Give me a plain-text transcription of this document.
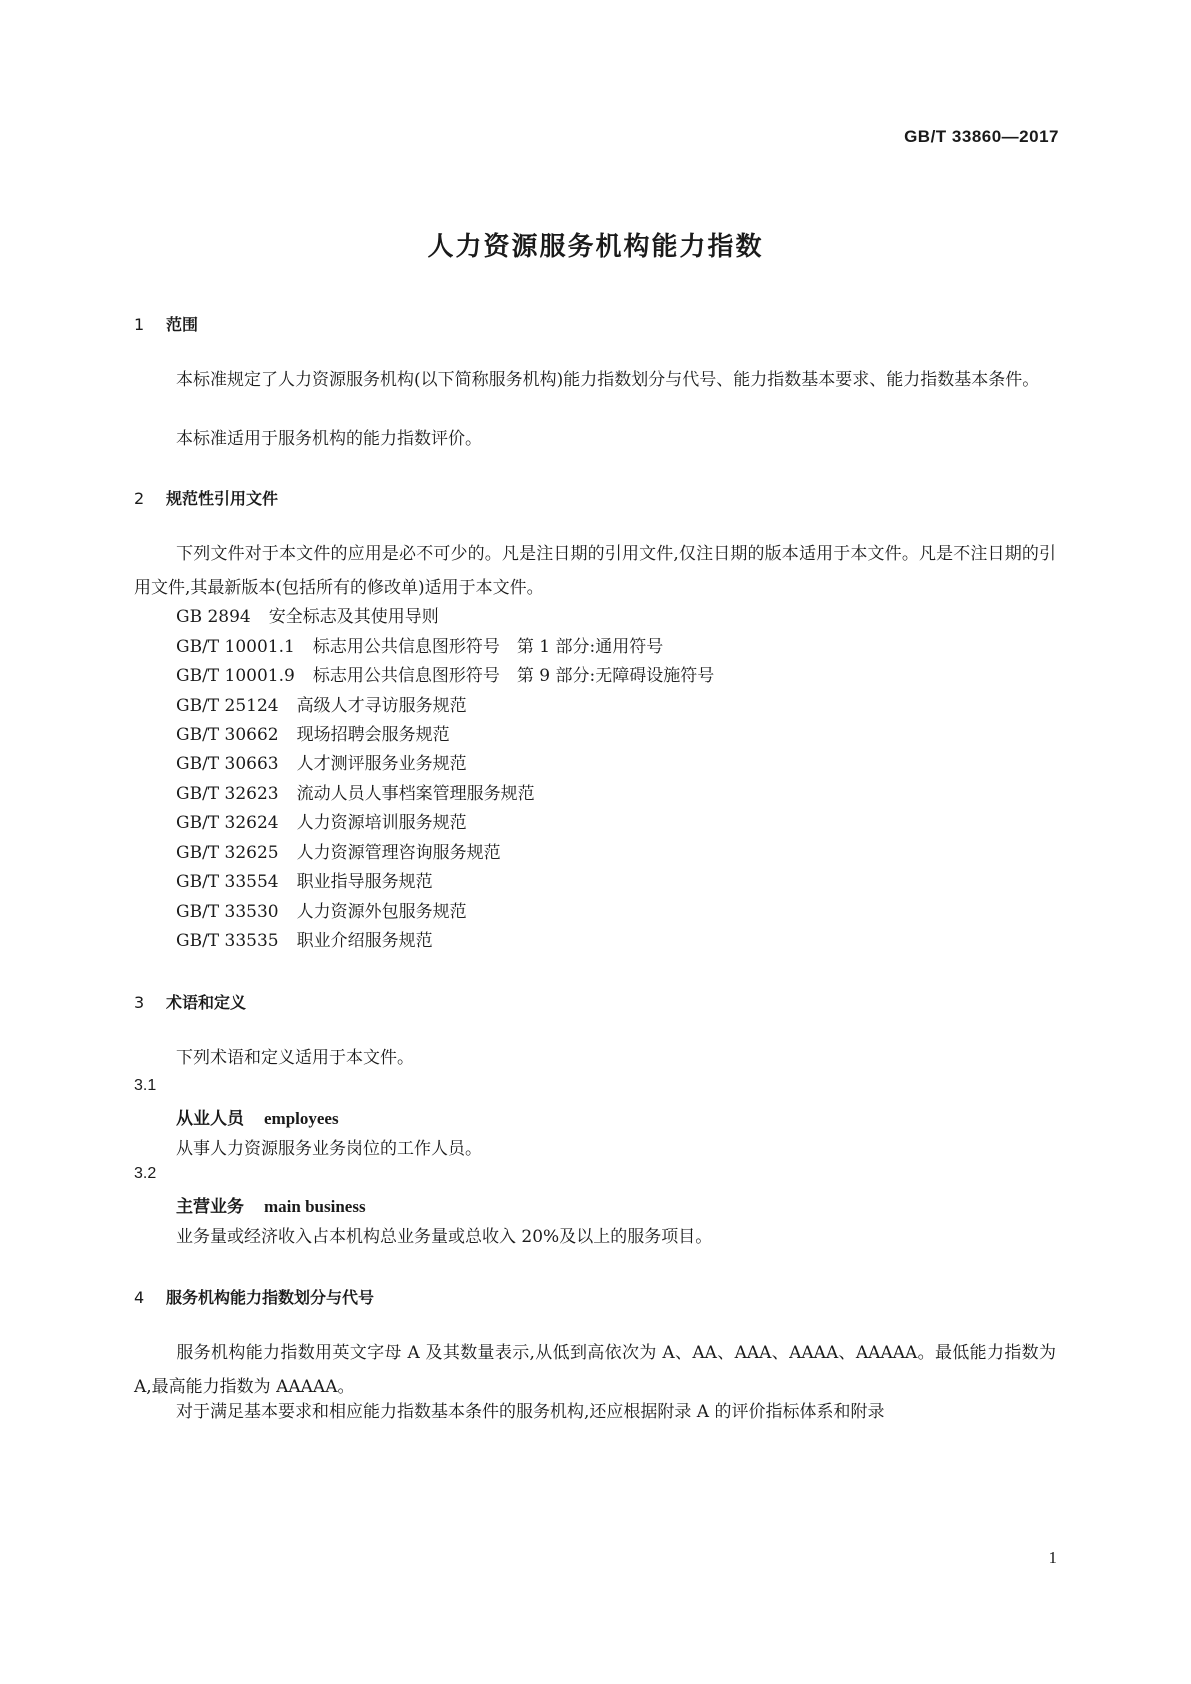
GB/T 33860—2017
人力资源服务机构能力指数
1 范围
本标准规定了人力资源服务机构(以下简称服务机构)能力指数划分与代号、能力指数基本要求、能力指数基本条件。
本标准适用于服务机构的能力指数评价。
2 规范性引用文件
下列文件对于本文件的应用是必不可少的。凡是注日期的引用文件,仅注日期的版本适用于本文件。凡是不注日期的引用文件,其最新版本(包括所有的修改单)适用于本文件。
GB 2894 安全标志及其使用导则
GB/T 10001.1 标志用公共信息图形符号　第 1 部分:通用符号
GB/T 10001.9 标志用公共信息图形符号　第 9 部分:无障碍设施符号
GB/T 25124 高级人才寻访服务规范
GB/T 30662 现场招聘会服务规范
GB/T 30663 人才测评服务业务规范
GB/T 32623 流动人员人事档案管理服务规范
GB/T 32624 人力资源培训服务规范
GB/T 32625 人力资源管理咨询服务规范
GB/T 33554 职业指导服务规范
GB/T 33530 人力资源外包服务规范
GB/T 33535 职业介绍服务规范
3 术语和定义
下列术语和定义适用于本文件。
3.1
从业人员 employees
从事人力资源服务业务岗位的工作人员。
3.2
主营业务 main business
业务量或经济收入占本机构总业务量或总收入 20%及以上的服务项目。
4 服务机构能力指数划分与代号
服务机构能力指数用英文字母 A 及其数量表示,从低到高依次为 A、AA、AAA、AAAA、AAAAA。最低能力指数为 A,最高能力指数为 AAAAA。
对于满足基本要求和相应能力指数基本条件的服务机构,还应根据附录 A 的评价指标体系和附录
1
